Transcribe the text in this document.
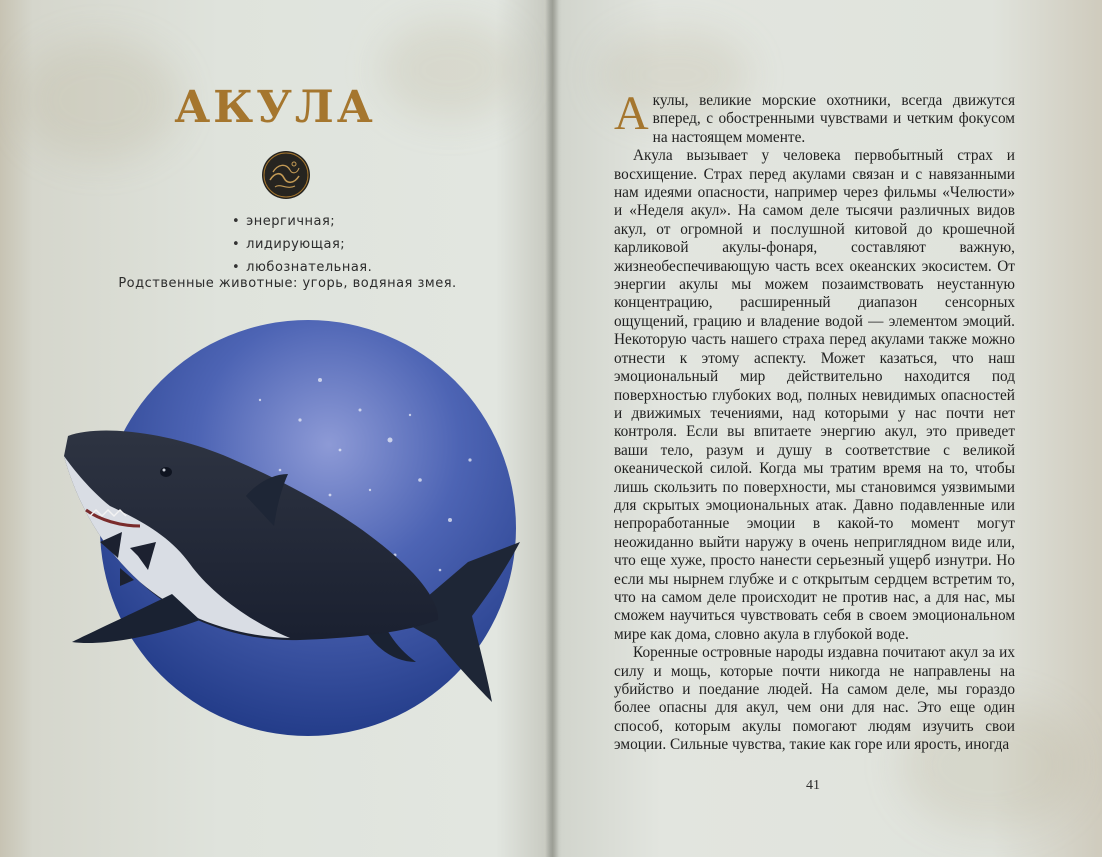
АКУЛА
• энергичная;
• лидирующая;
• любознательная.
Родственные животные: угорь, водяная змея.

Акулы, великие морские охотники, всегда движутся вперед, с обостренными чувствами и четким фокусом на настоящем моменте.

Акула вызывает у человека первобытный страх и восхищение. Страх перед акулами связан и с навязанными нам идеями опасности, например через фильмы «Челюсти» и «Неделя акул». На самом деле тысячи различных видов акул, от огромной и послушной китовой до крошечной карликовой акулы-фонаря, составляют важную, жизнеобеспечивающую часть всех океанских экосистем. От энергии акулы мы можем позаимствовать неустанную концентрацию, расширенный диапазон сенсорных ощущений, грацию и владение водой — элементом эмоций. Некоторую часть нашего страха перед акулами также можно отнести к этому аспекту. Может казаться, что наш эмоциональный мир действительно находится под поверхностью глубоких вод, полных невидимых опасностей и движимых течениями, над которыми у нас почти нет контроля. Если вы впитаете энергию акул, это приведет ваши тело, разум и душу в соответствие с великой океанической силой. Когда мы тратим время на то, чтобы лишь скользить по поверхности, мы становимся уязвимыми для скрытых эмоциональных атак. Давно подавленные или непроработанные эмоции в какой-то момент могут неожиданно выйти наружу в очень неприглядном виде или, что еще хуже, просто нанести серьезный ущерб изнутри. Но если мы нырнем глубже и с открытым сердцем встретим то, что на самом деле происходит не против нас, а для нас, мы сможем научиться чувствовать себя в своем эмоциональном мире как дома, словно акула в глубокой воде.

Коренные островные народы издавна почитают акул за их силу и мощь, которые почти никогда не направлены на убийство и поедание людей. На самом деле, мы гораздо более опасны для акул, чем они для нас. Это еще один способ, которым акулы помогают людям изучить свои эмоции. Сильные чувства, такие как горе или ярость, иногда

41
